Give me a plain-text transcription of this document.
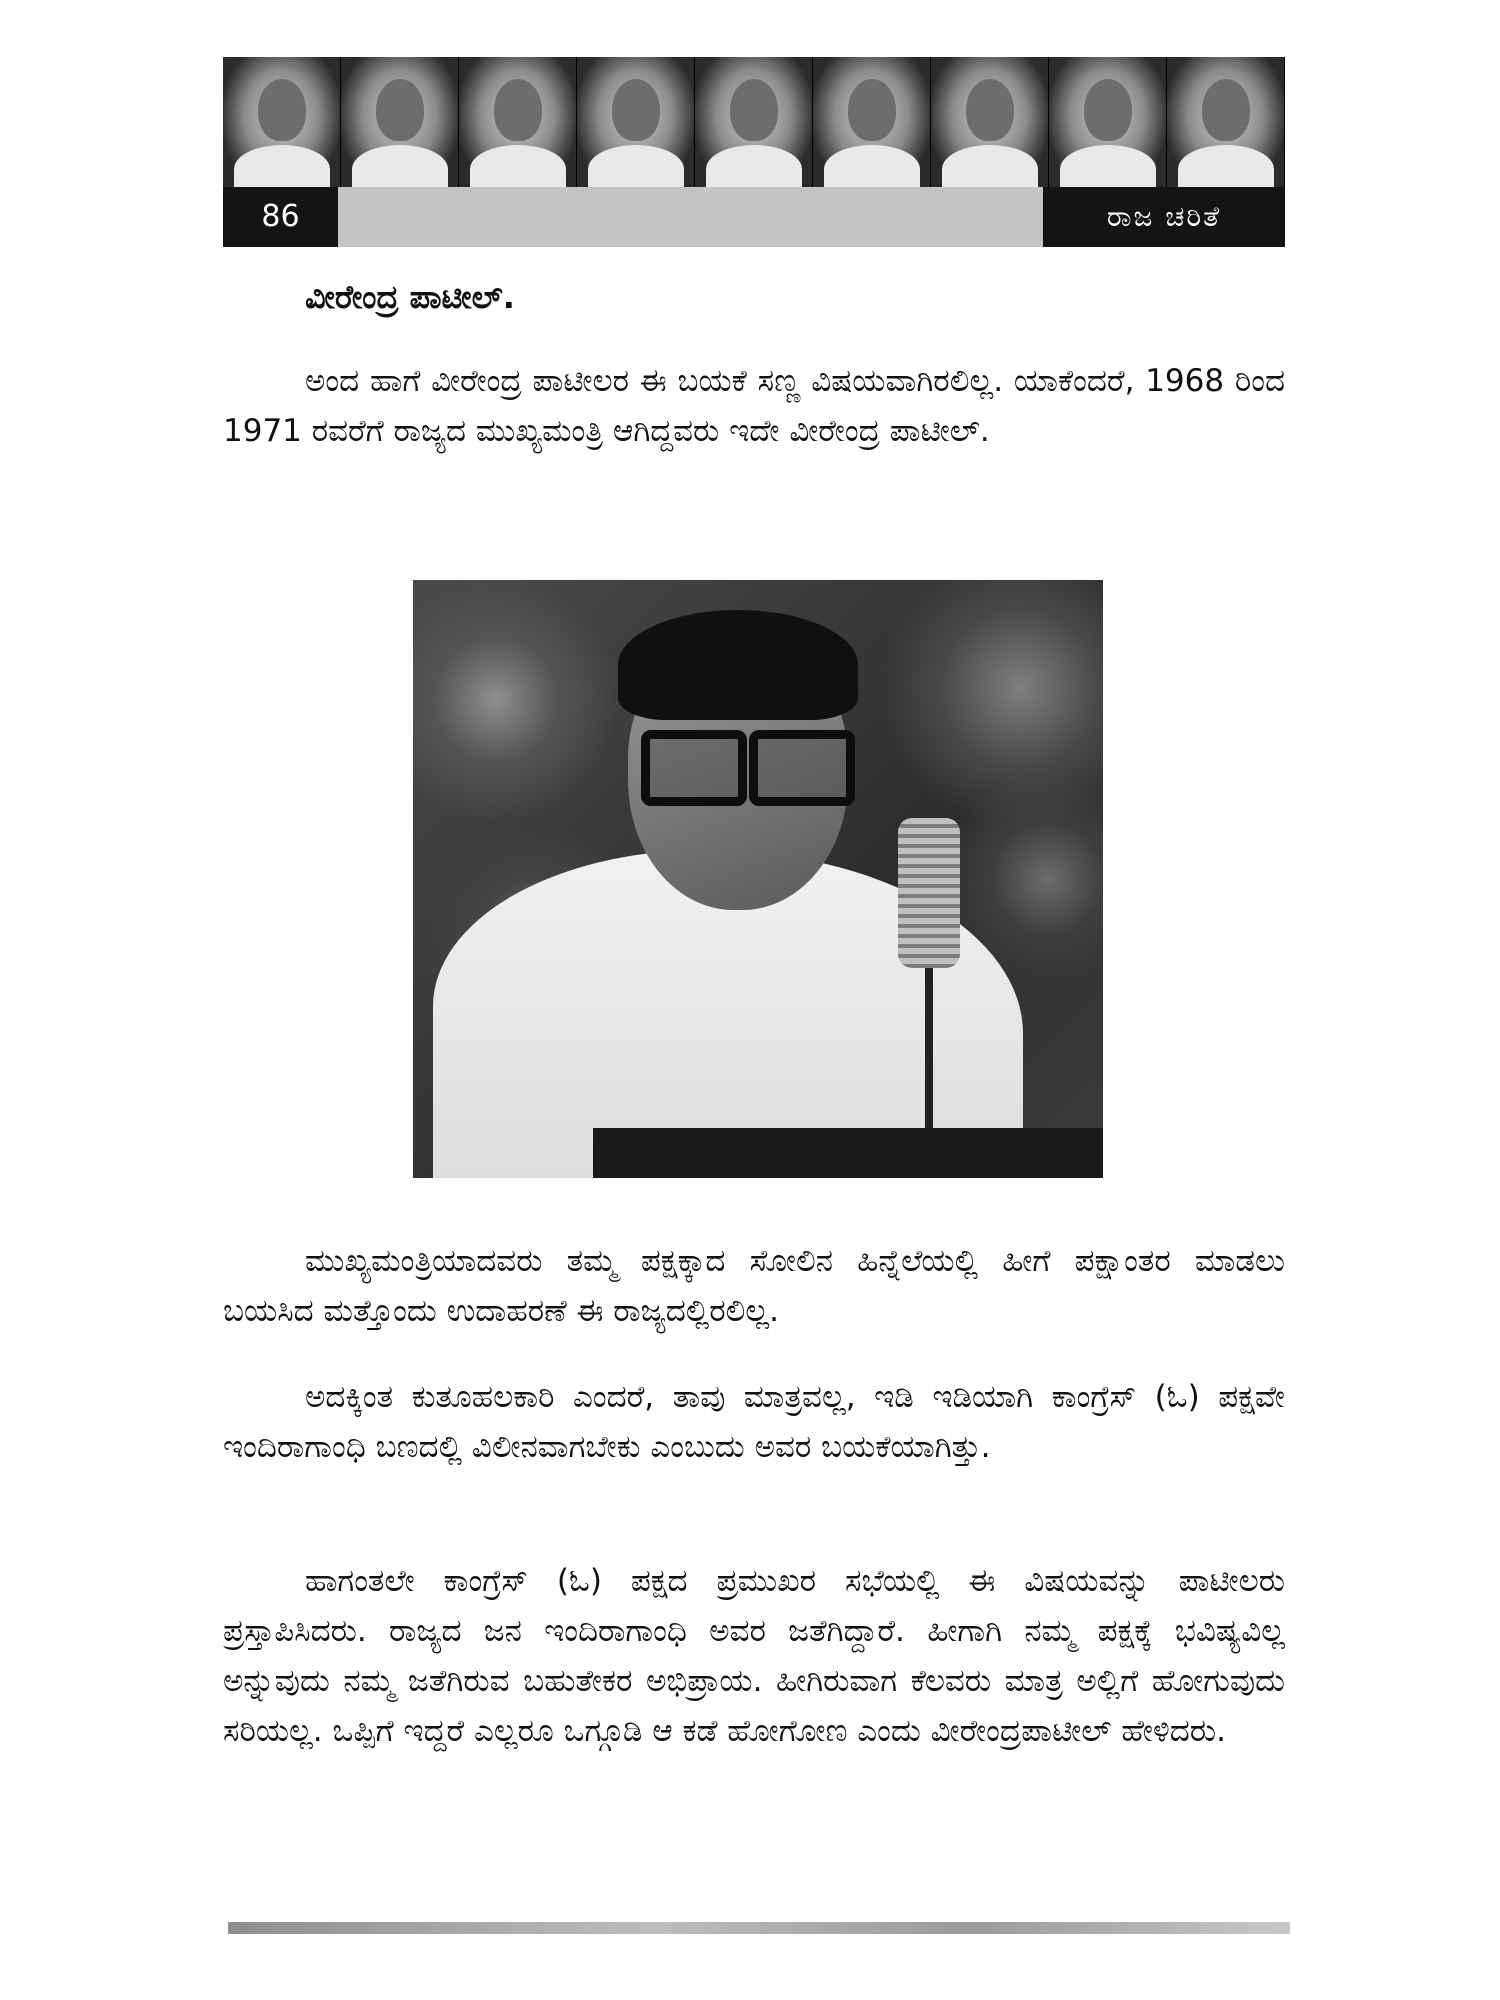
86	ರಾಜ ಚರಿತೆ

ವೀರೇಂದ್ರ ಪಾಟೀಲ್.

ಅಂದ ಹಾಗೆ ವೀರೇಂದ್ರ ಪಾಟೀಲರ ಈ ಬಯಕೆ ಸಣ್ಣ ವಿಷಯವಾಗಿರಲಿಲ್ಲ. ಯಾಕೆಂದರೆ, 1968 ರಿಂದ 1971 ರವರೆಗೆ ರಾಜ್ಯದ ಮುಖ್ಯಮಂತ್ರಿ ಆಗಿದ್ದವರು ಇದೇ ವೀರೇಂದ್ರ ಪಾಟೀಲ್.

ಮುಖ್ಯಮಂತ್ರಿಯಾದವರು ತಮ್ಮ ಪಕ್ಷಕ್ಕಾದ ಸೋಲಿನ ಹಿನ್ನೆಲೆಯಲ್ಲಿ ಹೀಗೆ ಪಕ್ಷಾಂತರ ಮಾಡಲು ಬಯಸಿದ ಮತ್ತೊಂದು ಉದಾಹರಣೆ ಈ ರಾಜ್ಯದಲ್ಲಿರಲಿಲ್ಲ.

ಅದಕ್ಕಿಂತ ಕುತೂಹಲಕಾರಿ ಎಂದರೆ, ತಾವು ಮಾತ್ರವಲ್ಲ, ಇಡಿ ಇಡಿಯಾಗಿ ಕಾಂಗ್ರೆಸ್ (ಓ) ಪಕ್ಷವೇ ಇಂದಿರಾಗಾಂಧಿ ಬಣದಲ್ಲಿ ವಿಲೀನವಾಗಬೇಕು ಎಂಬುದು ಅವರ ಬಯಕೆಯಾಗಿತ್ತು.

ಹಾಗಂತಲೇ ಕಾಂಗ್ರೆಸ್ (ಓ) ಪಕ್ಷದ ಪ್ರಮುಖರ ಸಭೆಯಲ್ಲಿ ಈ ವಿಷಯವನ್ನು ಪಾಟೀಲರು ಪ್ರಸ್ತಾಪಿಸಿದರು. ರಾಜ್ಯದ ಜನ ಇಂದಿರಾಗಾಂಧಿ ಅವರ ಜತೆಗಿದ್ದಾರೆ. ಹೀಗಾಗಿ ನಮ್ಮ ಪಕ್ಷಕ್ಕೆ ಭವಿಷ್ಯವಿಲ್ಲ ಅನ್ನುವುದು ನಮ್ಮ ಜತೆಗಿರುವ ಬಹುತೇಕರ ಅಭಿಪ್ರಾಯ. ಹೀಗಿರುವಾಗ ಕೆಲವರು ಮಾತ್ರ ಅಲ್ಲಿಗೆ ಹೋಗುವುದು ಸರಿಯಲ್ಲ. ಒಪ್ಪಿಗೆ ಇದ್ದರೆ ಎಲ್ಲರೂ ಒಗ್ಗೂಡಿ ಆ ಕಡೆ ಹೋಗೋಣ ಎಂದು ವೀರೇಂದ್ರಪಾಟೀಲ್ ಹೇಳಿದರು.
